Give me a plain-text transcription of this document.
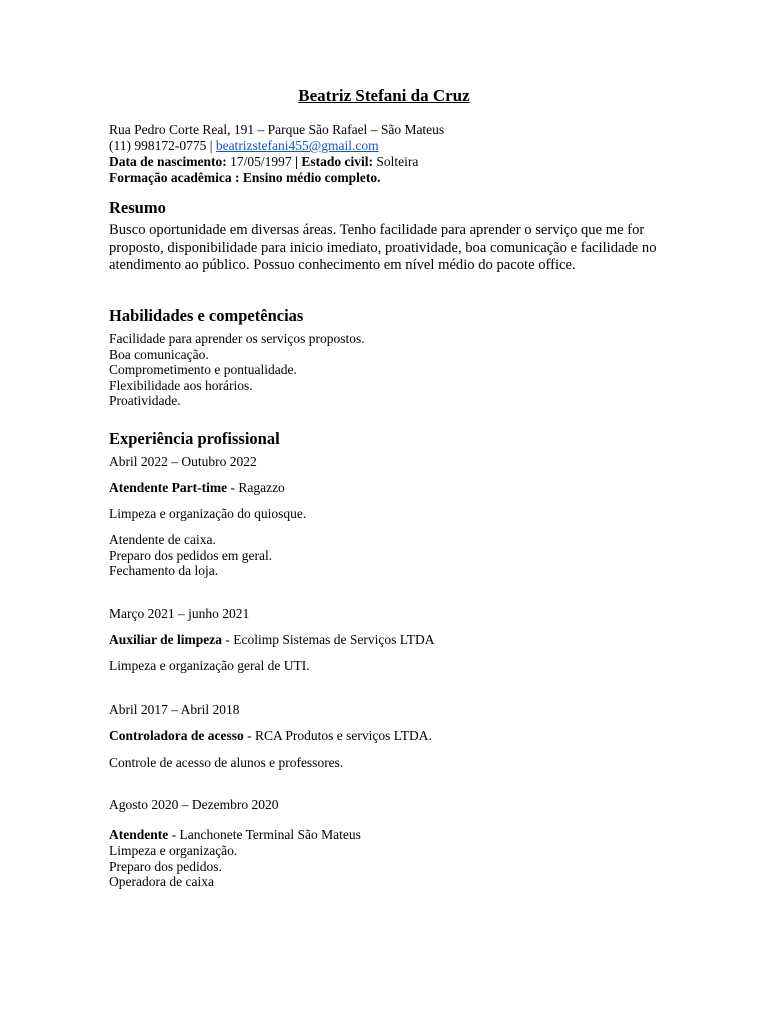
Beatriz Stefani da Cruz
Rua Pedro Corte Real, 191 – Parque São Rafael – São Mateus
(11) 998172-0775 | beatrizstefani455@gmail.com
Data de nascimento: 17/05/1997 | Estado civil: Solteira
Formação acadêmica : Ensino médio completo.
Resumo
Busco oportunidade em diversas áreas. Tenho facilidade para aprender o serviço que me for proposto, disponibilidade para inicio imediato, proatividade, boa comunicação e facilidade no atendimento ao público. Possuo conhecimento em nível médio do pacote office.
Habilidades e competências
Facilidade para aprender os serviços propostos.
Boa comunicação.
Comprometimento e pontualidade.
Flexibilidade aos horários.
Proatividade.
Experiência profissional
Abril 2022 – Outubro 2022
Atendente Part-time - Ragazzo
Limpeza e organização do quiosque.
Atendente de caixa.
Preparo dos pedidos em geral.
Fechamento da loja.
Março 2021 – junho 2021
Auxiliar de limpeza - Ecolimp Sistemas de Serviços LTDA
Limpeza e organização geral de UTI.
Abril 2017 – Abril 2018
Controladora de acesso - RCA Produtos e serviços LTDA.
Controle de acesso de alunos e professores.
Agosto 2020 – Dezembro 2020
Atendente - Lanchonete Terminal São Mateus
Limpeza e organização.
Preparo dos pedidos.
Operadora de caixa
